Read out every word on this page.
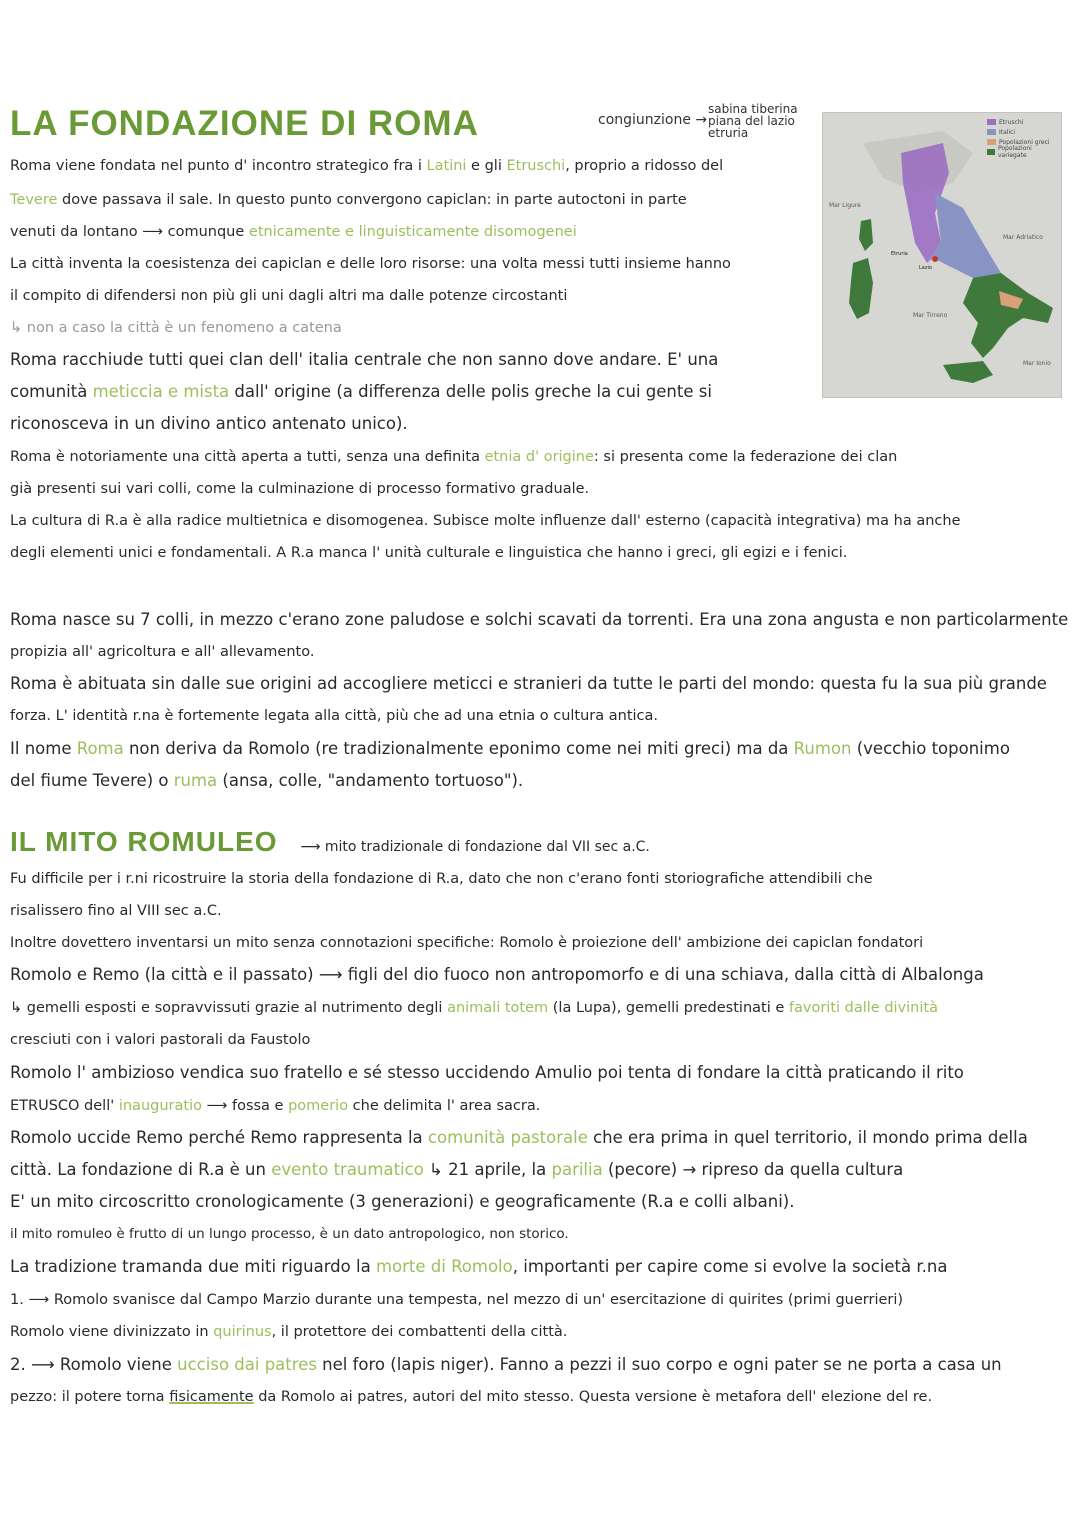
LA FONDAZIONE DI ROMA	congiunzione →
sabina tiberina
piana del lazio
etruria
Mar Ligure
Mar Adriatico
Mar Tirreno
Mar Ionio
Etruria
Lazio
Etruschi
Italici
Popolazioni greci
Popolazioni variegate
Roma viene fondata nel punto d' incontro strategico fra i Latini e gli Etruschi, proprio a ridosso del
Tevere dove passava il sale. In questo punto convergono capiclan: in parte autoctoni in parte
venuti da lontano ⟶ comunque etnicamente e linguisticamente disomogenei
La città inventa la coesistenza dei capiclan e delle loro risorse: una volta messi tutti insieme hanno
il compito di difendersi non più gli uni dagli altri ma dalle potenze circostanti
↳ non a caso la città è un fenomeno a catena
Roma racchiude tutti quei clan dell' italia centrale che non sanno dove andare. E' una
comunità meticcia e mista dall' origine (a differenza delle polis greche la cui gente si
riconosceva in un divino antico antenato unico).
Roma è notoriamente una città aperta a tutti, senza una definita etnia d' origine: si presenta come la federazione dei clan
già presenti sui vari colli, come la culminazione di processo formativo graduale.
La cultura di R.a è alla radice multietnica e disomogenea. Subisce molte influenze dall' esterno (capacità integrativa) ma ha anche
degli elementi unici e fondamentali. A R.a manca l' unità culturale e linguistica che hanno i greci, gli egizi e i fenici.
Roma nasce su 7 colli, in mezzo c'erano zone paludose e solchi scavati da torrenti. Era una zona angusta e non particolarmente
propizia all' agricoltura e all' allevamento.
Roma è abituata sin dalle sue origini ad accogliere meticci e stranieri da tutte le parti del mondo: questa fu la sua più grande
forza. L' identità r.na è fortemente legata alla città, più che ad una etnia o cultura antica.
Il nome Roma non deriva da Romolo (re tradizionalmente eponimo come nei miti greci) ma da Rumon (vecchio toponimo
del fiume Tevere) o ruma (ansa, colle, "andamento tortuoso").
IL MITO ROMULEO ⟶ mito tradizionale di fondazione dal VII sec a.C.
Fu difficile per i r.ni ricostruire la storia della fondazione di R.a, dato che non c'erano fonti storiografiche attendibili che
risalissero fino al VIII sec a.C.
Inoltre dovettero inventarsi un mito senza connotazioni specifiche: Romolo è proiezione dell' ambizione dei capiclan fondatori
Romolo e Remo (la città e il passato) ⟶ figli del dio fuoco non antropomorfo e di una schiava, dalla città di Albalonga
↳ gemelli esposti e sopravvissuti grazie al nutrimento degli animali totem (la Lupa), gemelli predestinati e favoriti dalle divinità
cresciuti con i valori pastorali da Faustolo
Romolo l' ambizioso vendica suo fratello e sé stesso uccidendo Amulio poi tenta di fondare la città praticando il rito
ETRUSCO dell' inauguratio ⟶ fossa e pomerio che delimita l' area sacra.
Romolo uccide Remo perché Remo rappresenta la comunità pastorale che era prima in quel territorio, il mondo prima della
città. La fondazione di R.a è un evento traumatico ↳ 21 aprile, la parilia (pecore) → ripreso da quella cultura
E' un mito circoscritto cronologicamente (3 generazioni) e geograficamente (R.a e colli albani).
il mito romuleo è frutto di un lungo processo, è un dato antropologico, non storico.
La tradizione tramanda due miti riguardo la morte di Romolo, importanti per capire come si evolve la società r.na
1. ⟶ Romolo svanisce dal Campo Marzio durante una tempesta, nel mezzo di un' esercitazione di quirites (primi guerrieri)
Romolo viene divinizzato in quirinus, il protettore dei combattenti della città.
2. ⟶ Romolo viene ucciso dai patres nel foro (lapis niger). Fanno a pezzi il suo corpo e ogni pater se ne porta a casa un
pezzo: il potere torna fisicamente da Romolo ai patres, autori del mito stesso. Questa versione è metafora dell' elezione del re.
